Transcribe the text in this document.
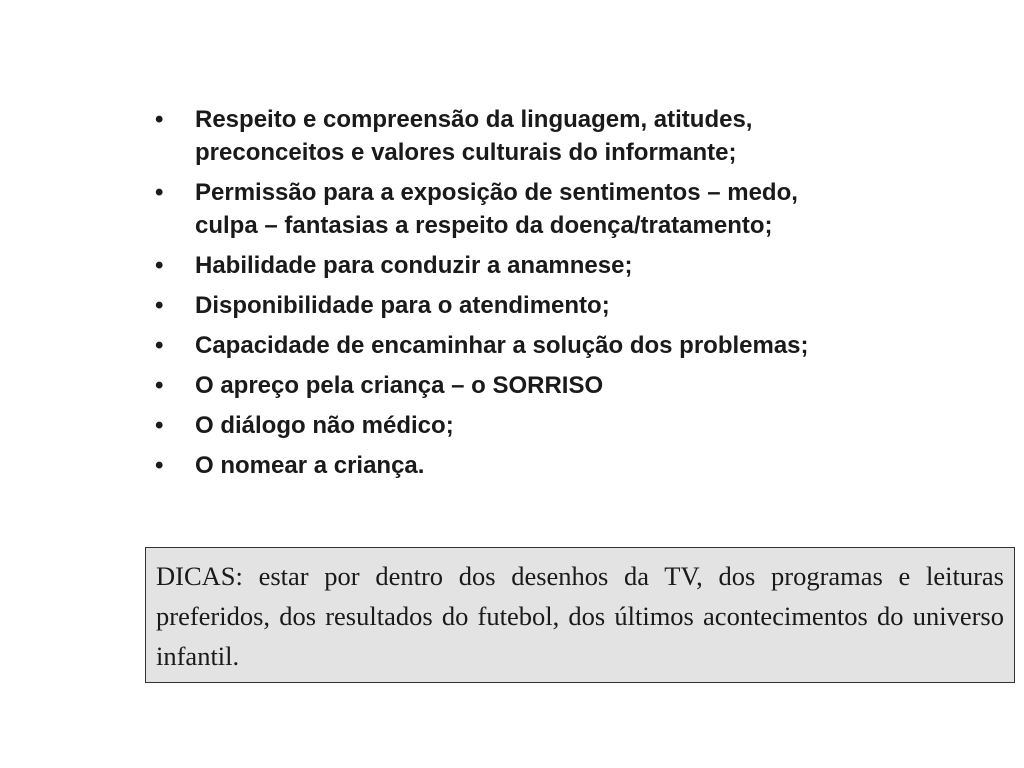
• Respeito e compreensão da linguagem, atitudes,
preconceitos e valores culturais do informante;
• Permissão para a exposição de sentimentos – medo,
culpa – fantasias a respeito da doença/tratamento;
• Habilidade para conduzir a anamnese;
• Disponibilidade para o atendimento;
• Capacidade de encaminhar a solução dos problemas;
• O apreço pela criança – o SORRISO
• O diálogo não médico;
• O nomear a criança.

DICAS: estar por dentro dos desenhos da TV, dos programas e leituras preferidos, dos resultados do futebol, dos últimos acontecimentos do universo infantil.
